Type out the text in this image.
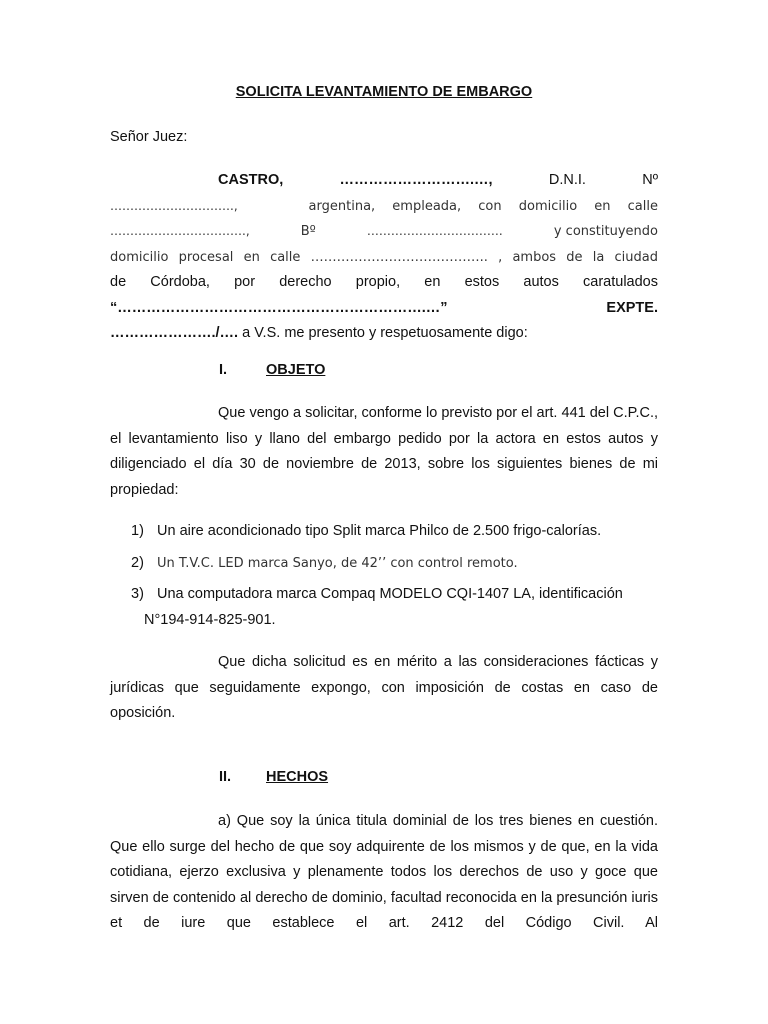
SOLICITA LEVANTAMIENTO DE EMBARGO
Señor Juez:
CASTRO,	……………………….…,	D.N.I.	Nº
………………………….,	argentina, empleada, con domicilio en calle
…………………………….,	Bº	…………………………….	y constituyendo
domicilio procesal en calle ………………………………….. , ambos de la ciudad
de Córdoba, por derecho propio, en estos autos caratulados
“……………………………………………………….…”	EXPTE.
…………………./…. a V.S. me presento y respetuosamente digo:
I.	OBJETO
Que vengo a solicitar, conforme lo previsto por el art. 441 del C.P.C., el levantamiento liso y llano del embargo pedido por la actora en estos autos y diligenciado el día 30 de noviembre de 2013, sobre los siguientes bienes de mi propiedad:
1) Un aire acondicionado tipo Split marca Philco de 2.500 frigo-calorías.
2)	Un T.V.C. LED marca Sanyo, de 42’’ con control remoto.
3) Una computadora marca Compaq MODELO CQI-1407 LA, identificación
N°194-914-825-901.
Que dicha solicitud es en mérito a las consideraciones fácticas y jurídicas que seguidamente expongo, con imposición de costas en caso de oposición.
II. HECHOS
a) Que soy la única titula dominial de los tres bienes en cuestión. Que ello surge del hecho de que soy adquirente de los mismos y de que, en la vida cotidiana, ejerzo exclusiva y plenamente todos los derechos de uso y goce que sirven de contenido al derecho de dominio, facultad reconocida en la presunción iuris et de iure que establece el art. 2412 del Código Civil. Al
